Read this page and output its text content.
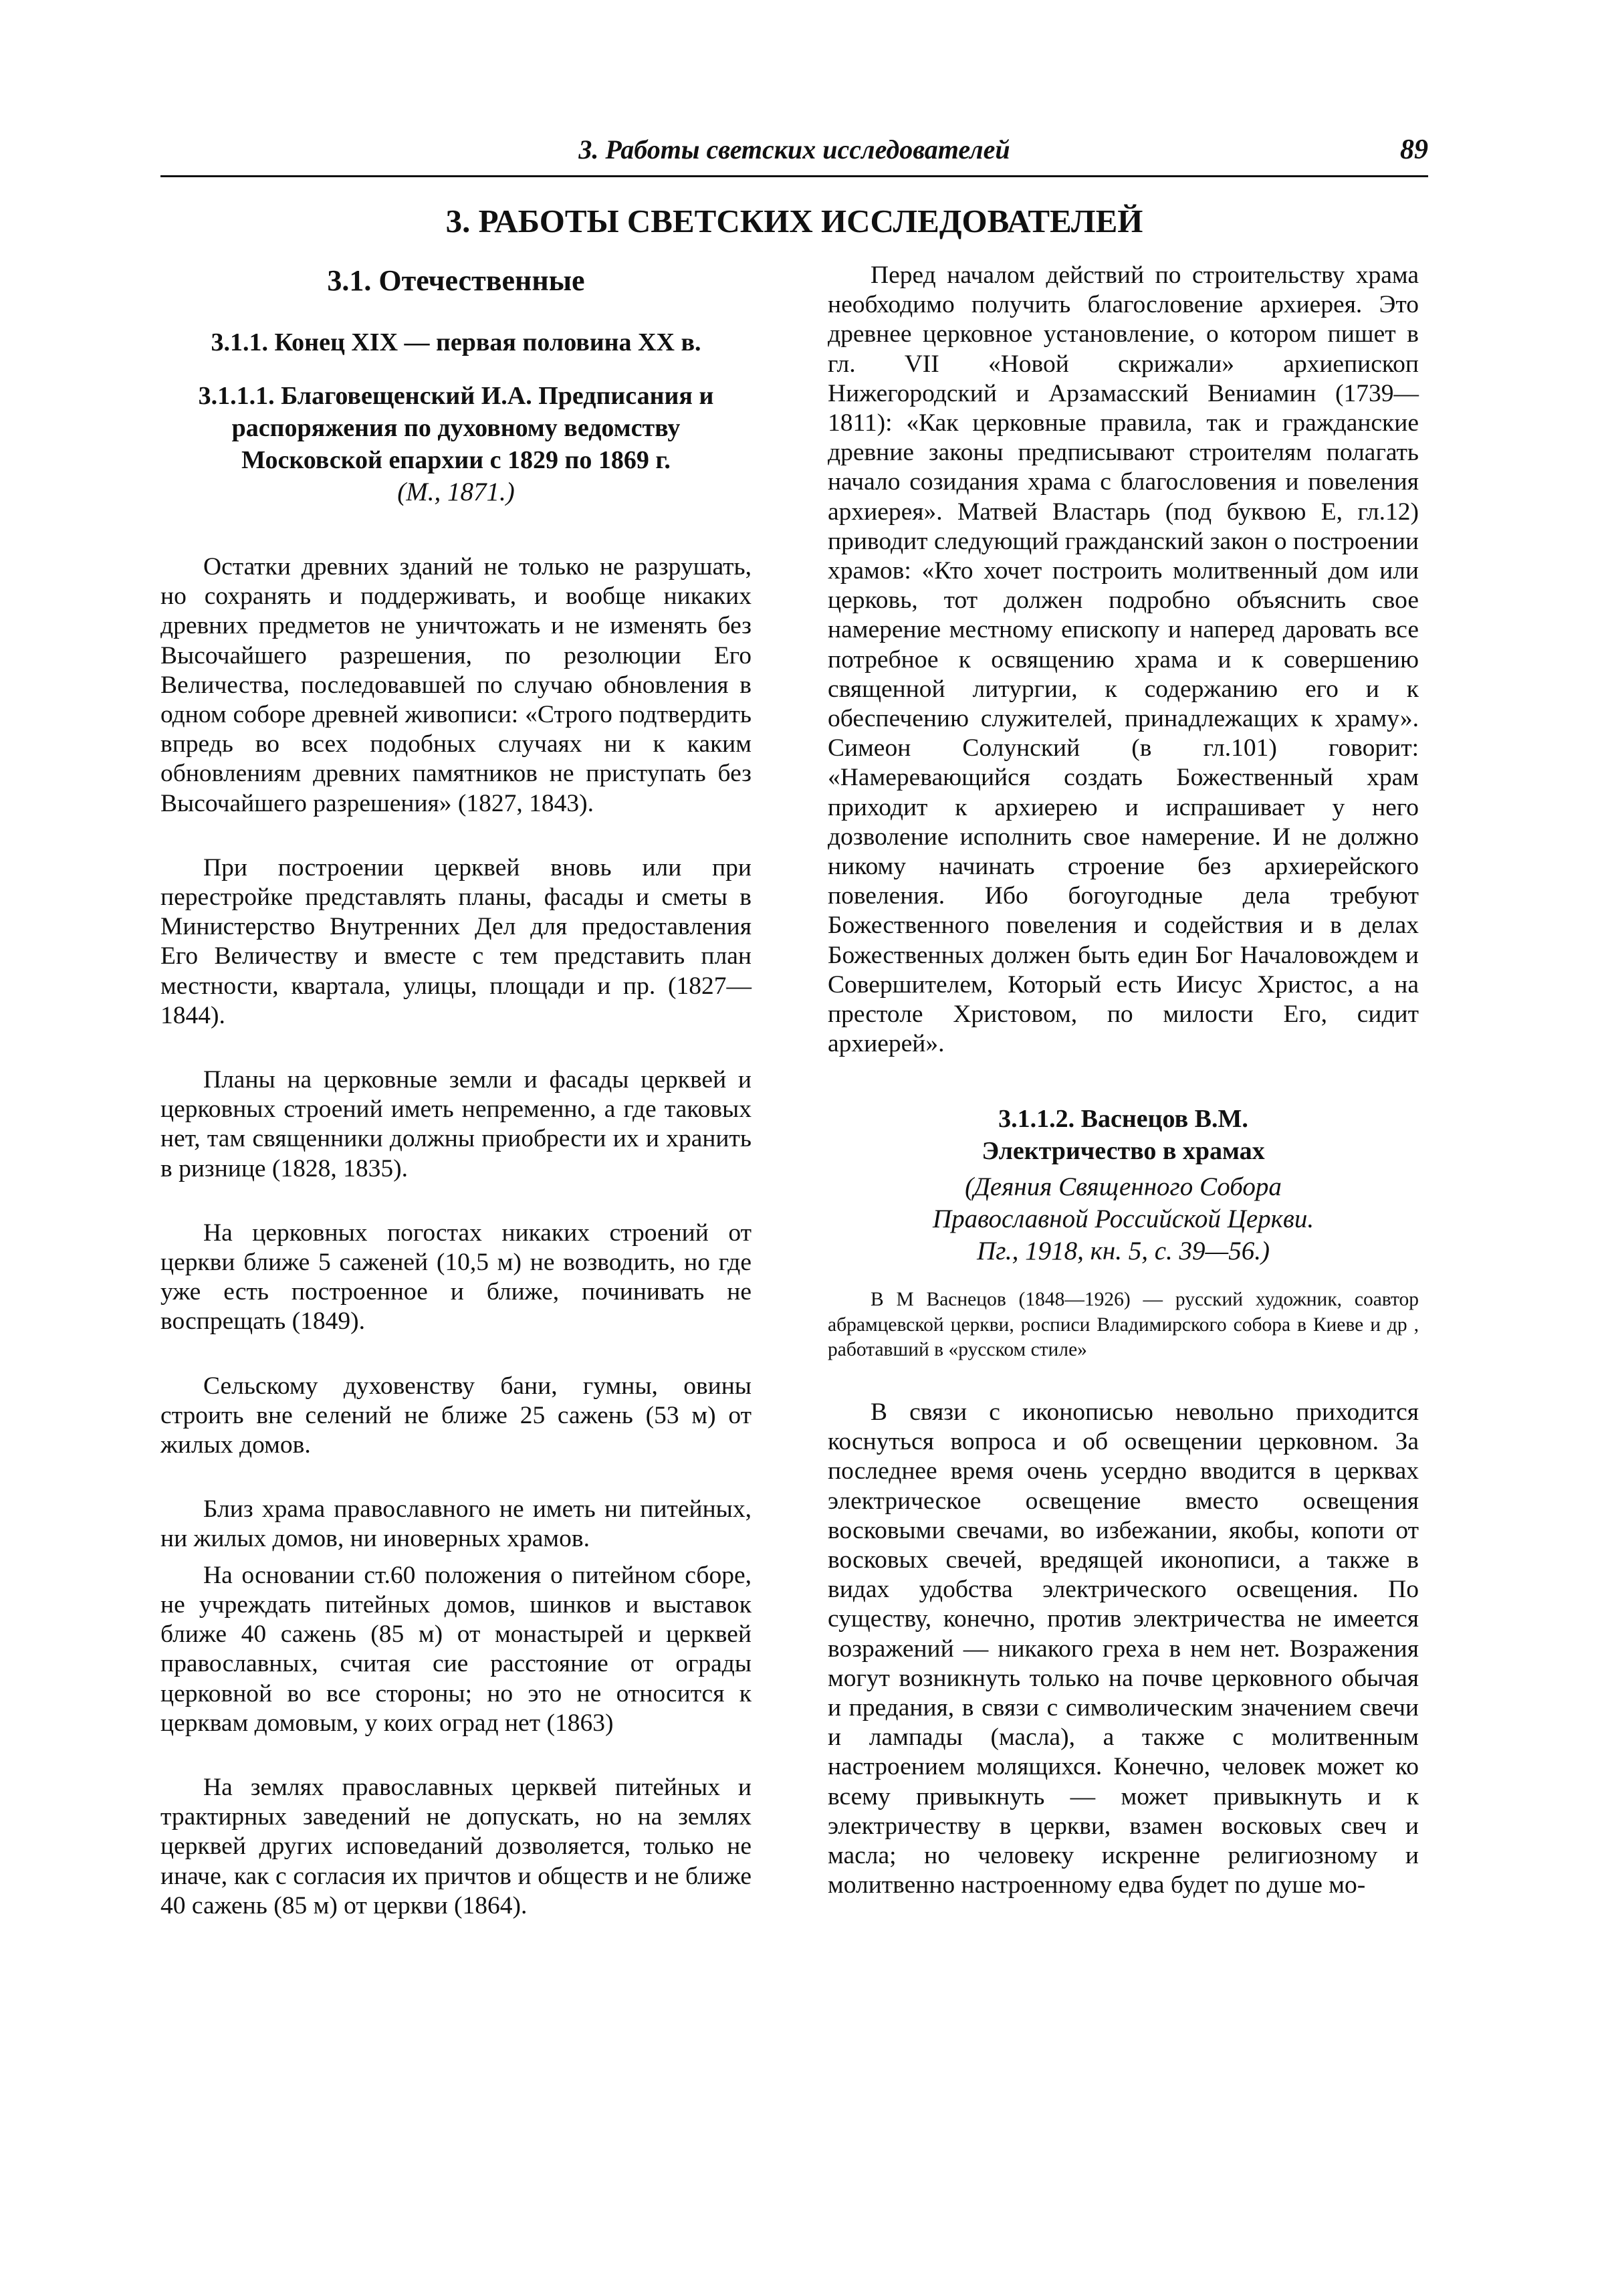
3. Работы светских исследователей	89
3. РАБОТЫ СВЕТСКИХ ИССЛЕДОВАТЕЛЕЙ
3.1. Отечественные
3.1.1. Конец XIX — первая половина XX в.
3.1.1.1. Благовещенский И.А. Предписания и распоряжения по духовному ведомству Московской епархии с 1829 по 1869 г.
(М., 1871.)

Остатки древних зданий не только не разрушать, но сохранять и поддерживать, и вообще никаких древних предметов не уничтожать и не изменять без Высочайшего разрешения, по резолюции Его Величества, последовавшей по случаю обновления в одном соборе древней живописи: «Строго подтвердить впредь во всех подобных случаях ни к каким обновлениям древних памятников не приступать без Высочайшего разрешения» (1827, 1843).

При построении церквей вновь или при перестройке представлять планы, фасады и сметы в Министерство Внутренних Дел для предоставления Его Величеству и вместе с тем представить план местности, квартала, улицы, площади и пр. (1827—1844).

Планы на церковные земли и фасады церквей и церковных строений иметь непременно, а где таковых нет, там священники должны приобрести их и хранить в ризнице (1828, 1835).

На церковных погостах никаких строений от церкви ближе 5 саженей (10,5 м) не возводить, но где уже есть построенное и ближе, починивать не воспрещать (1849).

Сельскому духовенству бани, гумны, овины строить вне селений не ближе 25 сажень (53 м) от жилых домов.

Близ храма православного не иметь ни питейных, ни жилых домов, ни иноверных храмов.

На основании ст.60 положения о питейном сборе, не учреждать питейных домов, шинков и выставок ближе 40 сажень (85 м) от монастырей и церквей православных, считая сие расстояние от ограды церковной во все стороны; но это не относится к церквам домовым, у коих оград нет (1863)

На землях православных церквей питейных и трактирных заведений не допускать, но на землях церквей других исповеданий дозволяется, только не иначе, как с согласия их причтов и обществ и не ближе 40 сажень (85 м) от церкви (1864).

Перед началом действий по строительству храма необходимо получить благословение архиерея. Это древнее церковное установление, о котором пишет в гл. VII «Новой скрижали» архиепископ Нижегородский и Арзамасский Вениамин (1739—1811): «Как церковные правила, так и гражданские древние законы предписывают строителям полагать начало созидания храма с благословения и повеления архиерея». Матвей Властарь (под буквою Е, гл.12) приводит следующий гражданский закон о построении храмов: «Кто хочет построить молитвенный дом или церковь, тот должен подробно объяснить свое намерение местному епископу и наперед даровать все потребное к освящению храма и к совершению священной литургии, к содержанию его и к обеспечению служителей, принадлежащих к храму». Симеон Солунский (в гл.101) говорит: «Намеревающийся создать Божественный храм приходит к архиерею и испрашивает у него дозволение исполнить свое намерение. И не должно никому начинать строение без архиерейского повеления. Ибо богоугодные дела требуют Божественного повеления и содействия и в делах Божественных должен быть един Бог Началовождем и Совершителем, Который есть Иисус Христос, а на престоле Христовом, по милости Его, сидит архиерей».

3.1.1.2. Васнецов В.М.
Электричество в храмах
(Деяния Священного Собора
Православной Российской Церкви.
Пг., 1918, кн. 5, с. 39—56.)

В М Васнецов (1848—1926) — русский художник, соавтор абрамцевской церкви, росписи Владимирского собора в Киеве и др , работавший в «русском стиле»

В связи с иконописью невольно приходится коснуться вопроса и об освещении церковном. За последнее время очень усердно вводится в церквах электрическое освещение вместо освещения восковыми свечами, во избежании, якобы, копоти от восковых свечей, вредящей иконописи, а также в видах удобства электрического освещения. По существу, конечно, против электричества не имеется возражений — никакого греха в нем нет. Возражения могут возникнуть только на почве церковного обычая и предания, в связи с символическим значением свечи и лампады (масла), а также с молитвенным настроением молящихся. Конечно, человек может ко всему привыкнуть — может привыкнуть и к электричеству в церкви, взамен восковых свеч и масла; но человеку искренне религиозному и молитвенно настроенному едва будет по душе мо-
